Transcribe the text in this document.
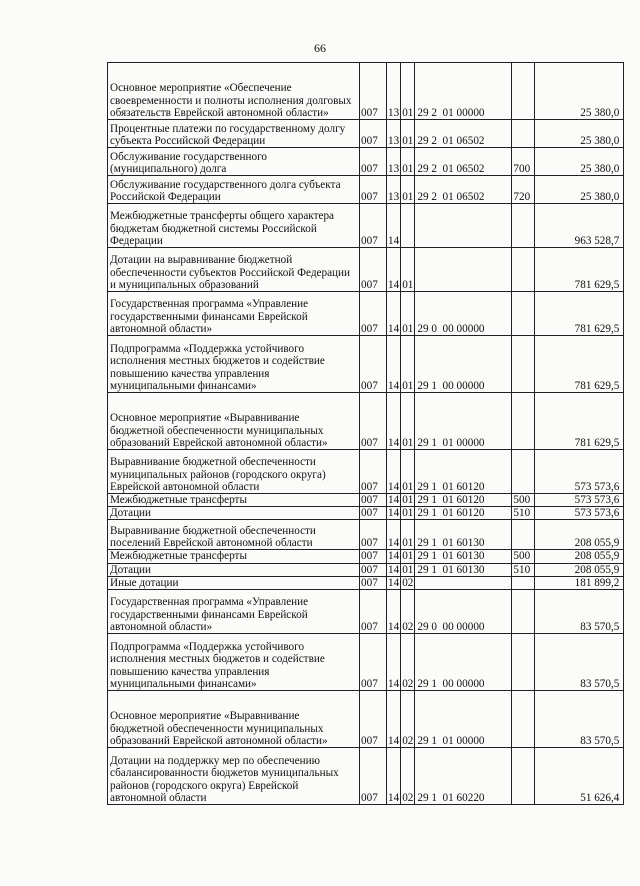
66
Основное мероприятие «Обеспечение своевременности и полноты исполнения долговых обязательств Еврейской автономной области»	007	13	01	29 2  01 00000		25 380,0
Процентные платежи по государственному долгу субъекта Российской Федерации	007	13	01	29 2  01 06502		25 380,0
Обслуживание государственного (муниципального) долга	007	13	01	29 2  01 06502	700	25 380,0
Обслуживание государственного долга субъекта Российской Федерации	007	13	01	29 2  01 06502	720	25 380,0
Межбюджетные трансферты общего характера бюджетам бюджетной системы Российской Федерации	007	14				963 528,7
Дотации на выравнивание бюджетной обеспеченности субъектов Российской Федерации и муниципальных образований	007	14	01			781 629,5
Государственная программа «Управление государственными финансами Еврейской автономной области»	007	14	01	29 0  00 00000		781 629,5
Подпрограмма «Поддержка устойчивого исполнения местных бюджетов и содействие повышению качества управления муниципальными финансами»	007	14	01	29 1  00 00000		781 629,5
Основное мероприятие «Выравнивание бюджетной обеспеченности муниципальных образований Еврейской автономной области»	007	14	01	29 1  01 00000		781 629,5
Выравнивание бюджетной обеспеченности муниципальных районов (городского округа) Еврейской автономной области	007	14	01	29 1  01 60120		573 573,6
Межбюджетные трансферты	007	14	01	29 1  01 60120	500	573 573,6
Дотации	007	14	01	29 1  01 60120	510	573 573,6
Выравнивание бюджетной обеспеченности поселений Еврейской автономной области	007	14	01	29 1  01 60130		208 055,9
Межбюджетные трансферты	007	14	01	29 1  01 60130	500	208 055,9
Дотации	007	14	01	29 1  01 60130	510	208 055,9
Иные дотации	007	14	02			181 899,2
Государственная программа «Управление государственными финансами Еврейской автономной области»	007	14	02	29 0  00 00000		83 570,5
Подпрограмма «Поддержка устойчивого исполнения местных бюджетов и содействие повышению качества управления муниципальными финансами»	007	14	02	29 1  00 00000		83 570,5
Основное мероприятие «Выравнивание бюджетной обеспеченности муниципальных образований Еврейской автономной области»	007	14	02	29 1  01 00000		83 570,5
Дотации на поддержку мер по обеспечению сбалансированности бюджетов муниципальных районов (городского округа) Еврейской автономной области	007	14	02	29 1  01 60220		51 626,4
